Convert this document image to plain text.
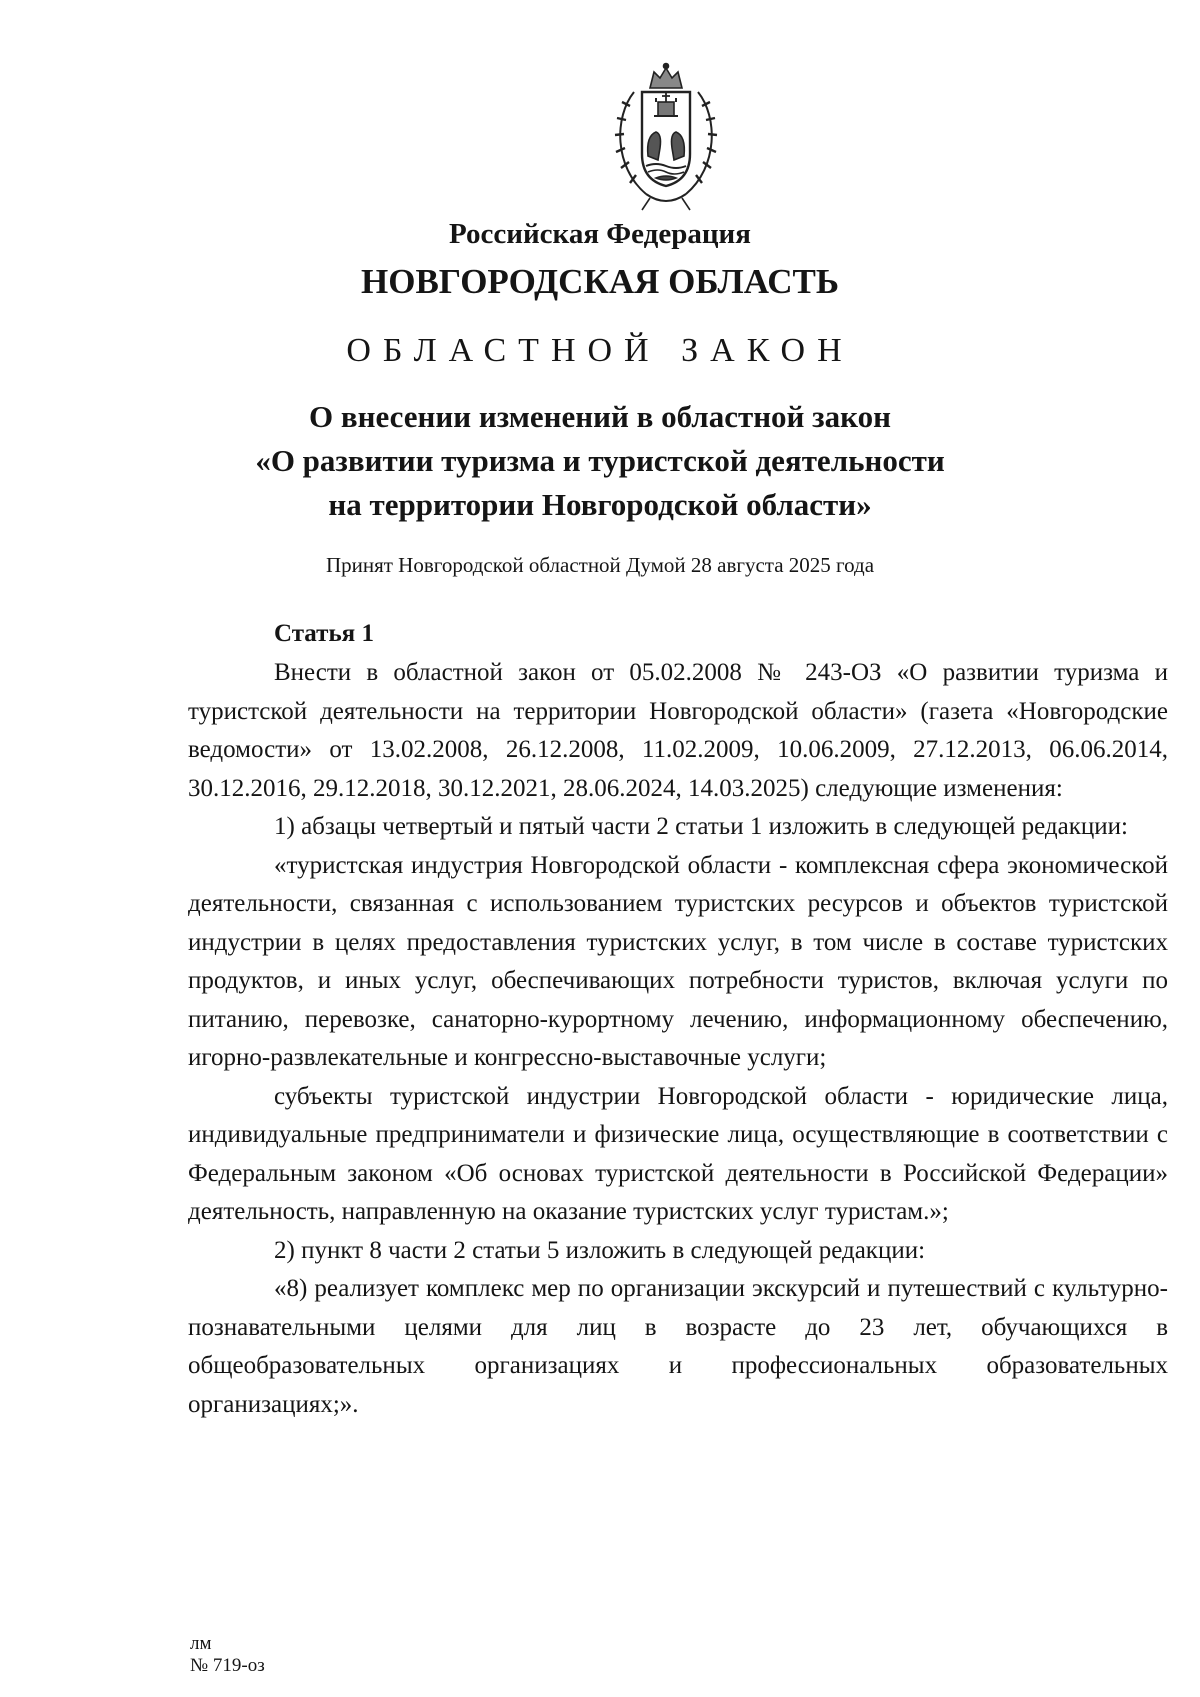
Российская Федерация
НОВГОРОДСКАЯ ОБЛАСТЬ
ОБЛАСТНОЙ ЗАКОН
О внесении изменений в областной закон
«О развитии туризма и туристской деятельности
на территории Новгородской области»
Принят Новгородской областной Думой 28 августа 2025 года
Статья 1

Внести в областной закон от 05.02.2008 № 243-ОЗ «О развитии туризма и туристской деятельности на территории Новгородской области» (газета «Новгородские ведомости» от 13.02.2008, 26.12.2008, 11.02.2009, 10.06.2009, 27.12.2013, 06.06.2014, 30.12.2016, 29.12.2018, 30.12.2021, 28.06.2024, 14.03.2025) следующие изменения:

1) абзацы четвертый и пятый части 2 статьи 1 изложить в следующей редакции:

«туристская индустрия Новгородской области - комплексная сфера экономической деятельности, связанная с использованием туристских ресурсов и объектов туристской индустрии в целях предоставления туристских услуг, в том числе в составе туристских продуктов, и иных услуг, обеспечивающих потребности туристов, включая услуги по питанию, перевозке, санаторно-курортному лечению, информационному обеспечению, игорно-развлекательные и конгрессно-выставочные услуги;

субъекты туристской индустрии Новгородской области - юридические лица, индивидуальные предприниматели и физические лица, осуществляющие в соответствии с Федеральным законом «Об основах туристской деятельности в Российской Федерации» деятельность, направленную на оказание туристских услуг туристам.»;

2) пункт 8 части 2 статьи 5 изложить в следующей редакции:

«8) реализует комплекс мер по организации экскурсий и путешествий с культурно-познавательными целями для лиц в возрасте до 23 лет, обучающихся в общеобразовательных организациях и профессиональных образовательных организациях;».

лм
№ 719-оз
